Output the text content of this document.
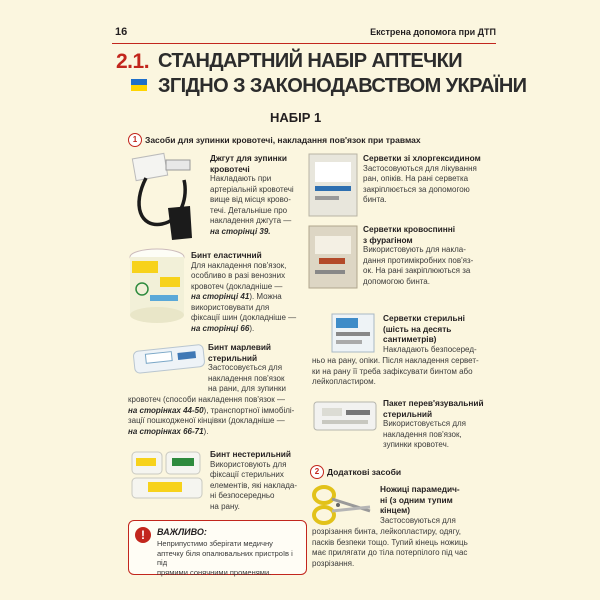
16	Екстрена допомога при ДТП
2.1. СТАНДАРТНИЙ НАБІР АПТЕЧКИ
ЗГІДНО З ЗАКОНОДАВСТВОМ УКРАЇНИ
НАБІР 1
1 Засоби для зупинки кровотечі, накладання пов'язок при травмах
Джгут для зупинки
кровотечі
Накладають при
артеріальній кровотечі
вище від місця крово-
течі. Детальніше про
накладення джгута —
на сторінці 39.
Бинт еластичний
Для накладення пов'язок,
особливо в разі венозних
кровотеч (докладніше —
на сторінці 41). Можна
використовувати для
фіксації шин (докладніше —
на сторінці 66).
Бинт марлевий
стерильний
Застосовується для
накладення пов'язок
на рани, для зупинки
кровотеч (способи накладення пов'язок —
на сторінках 44-50), транспортної іммобілі-
зації пошкодженої кінцівки (докладніше —
на сторінках 66-71).
Бинт нестерильний
Використовують для
фіксації стерильних
елементів, які наклада-
ні безпосередньо
на рану.
!	ВАЖЛИВО:
Неприпустимо зберігати медичну
аптечку біля опалювальних пристроїв і під
прямими сонячними променями.
Серветки зі хлоргексидином
Застосовуються для лікування
ран, опіків. На рані серветка
закріплюється за допомогою
бинта.
Серветки кровоспинні
з фурагіном
Використовують для накла-
дання протимікробних пов'яз-
ок. На рані закріплюються за
допомогою бинта.
Серветки стерильні
(шість на десять
сантиметрів)
Накладають безпосеред-
ньо на рану, опіки. Після накладення сервет-
ки на рану її треба зафіксувати бинтом або
лейкопластиром.
Пакет перев'язувальний
стерильний
Використовується для
накладення пов'язок,
зупинки кровотеч.
2 Додаткові засоби
Ножиці парамедич-
ні (з одним тупим
кінцем)
Застосовуються для
розрізання бинта, лейкопластиру, одягу,
пасків безпеки тощо. Тупий кінець ножиць
має прилягати до тіла потерпілого під час
розрізання.
